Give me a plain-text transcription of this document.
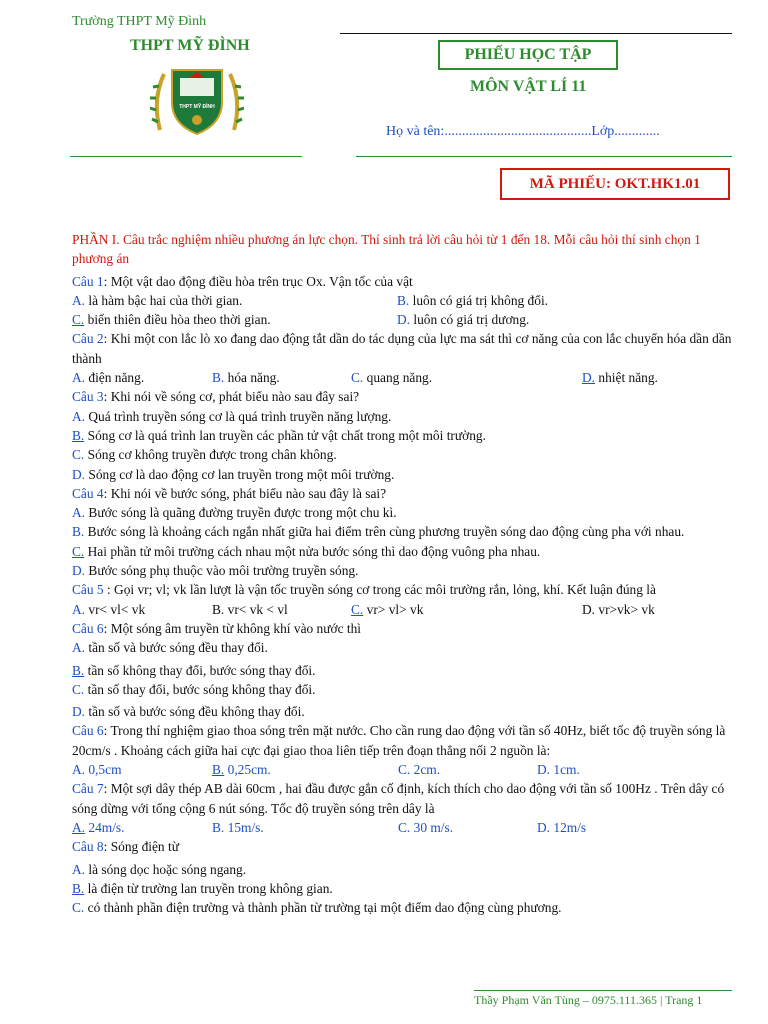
Trường THPT Mỹ Đình
THPT MỸ ĐÌNH
THPT MỸ ĐÌNH
PHIẾU HỌC TẬP
MÔN VẬT LÍ 11
Họ và tên:..........................................Lớp.............
MÃ PHIẾU: OKT.HK1.01

PHẦN I. Câu trắc nghiệm nhiều phương án lực chọn. Thí sinh trả lời câu hỏi từ 1 đến 18. Mỗi câu hỏi thí sinh chọn 1 phương án

Câu 1: Một vật dao động điều hòa trên trục Ox. Vận tốc của vật

A. là hàm bậc hai của thời gian.	B. luôn có giá trị không đổi.
C. biến thiên điều hòa theo thời gian.	D. luôn có giá trị dương.

Câu 2: Khi một con lắc lò xo đang dao động tắt dần do tác dụng của lực ma sát thì cơ năng của con lắc chuyển hóa dần dần thành

A. điện năng.	B. hóa năng.	C. quang năng.	D. nhiệt năng.

Câu 3: Khi nói về sóng cơ, phát biểu nào sau đây sai?

A. Quá trình truyền sóng cơ là quá trình truyền năng lượng.

B. Sóng cơ là quá trình lan truyền các phần tử vật chất trong một môi trường.

C. Sóng cơ không truyền được trong chân không.

D. Sóng cơ là dao động cơ lan truyền trong một môi trường.

Câu 4: Khi nói về bước sóng, phát biểu nào sau đây là sai?

A. Bước sóng là quãng đường truyền được trong một chu kì.

B. Bước sóng là khoảng cách ngắn nhất giữa hai điểm trên cùng phương truyền sóng dao động cùng pha với nhau.

C. Hai phần tử môi trường cách nhau một nửa bước sóng thì dao động vuông pha nhau.

D. Bước sóng phụ thuộc vào môi trường truyền sóng.

Câu 5 : Gọi vr; vl; vk lần lượt là vận tốc truyền sóng cơ trong các môi trường rắn, lỏng, khí. Kết luận đúng là

A. vr< vl< vk	B. vr< vk < vl	C. vr> vl> vk	D. vr>vk> vk

Câu 6: Một sóng âm truyền từ không khí vào nước thì

A. tần số và bước sóng đều thay đổi.

B. tần số không thay đổi, bước sóng thay đổi.

C. tần số thay đổi, bước sóng không thay đổi.

D. tần số và bước sóng đều không thay đổi.

Câu 6: Trong thí nghiệm giao thoa sóng trên mặt nước. Cho cần rung dao động với tần số 40Hz, biết tốc độ truyền sóng là 20cm/s . Khoảng cách giữa hai cực đại giao thoa liên tiếp trên đoạn thẳng nối 2 nguồn là:

A. 0,5cm	B. 0,25cm.	C. 2cm.	D. 1cm.

Câu 7: Một sợi dây thép AB dài 60cm , hai đầu được gắn cố định, kích thích cho dao động với tần số 100Hz . Trên dây có sóng dừng với tổng cộng 6 nút sóng. Tốc độ truyền sóng trên dây là

A. 24m/s.	B. 15m/s.	C. 30 m/s.	D. 12m/s

Câu 8: Sóng điện từ

A. là sóng dọc hoặc sóng ngang.

B. là điện từ trường lan truyền trong không gian.

C. có thành phần điện trường và thành phần từ trường tại một điểm dao động cùng phương.

Thầy Phạm Văn Tùng – 0975.111.365 | Trang 1
